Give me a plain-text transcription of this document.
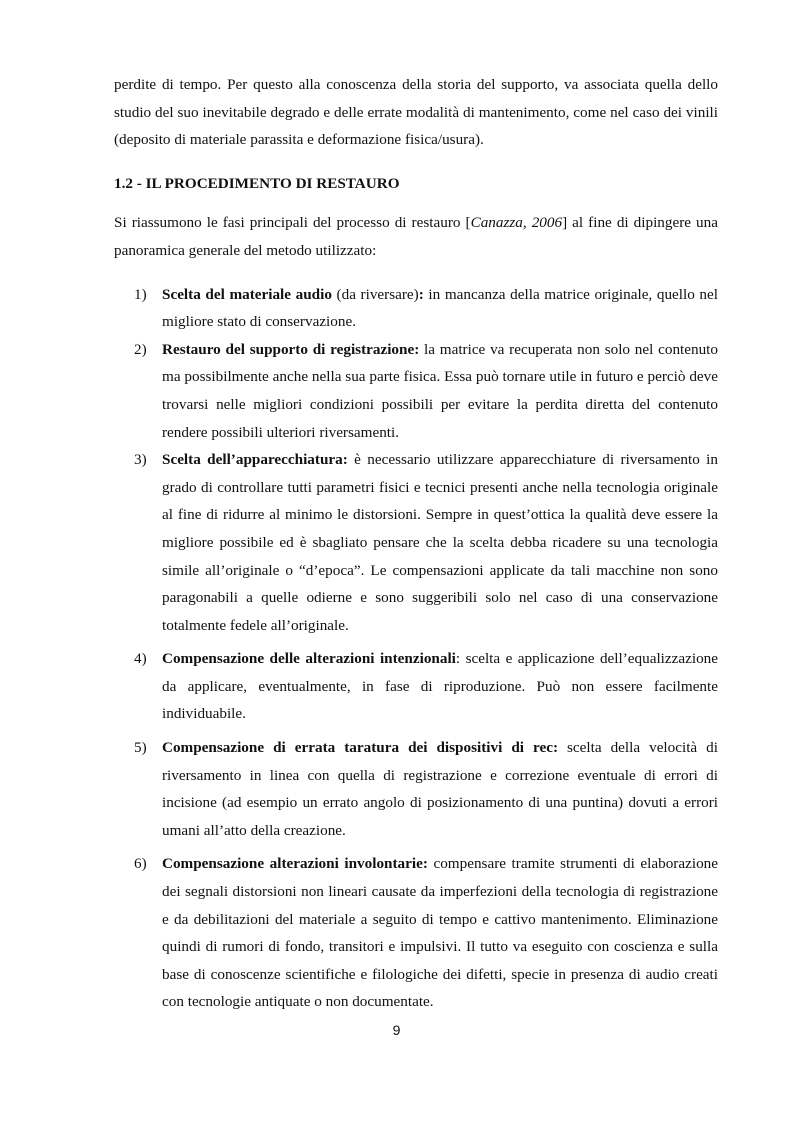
perdite di tempo. Per questo alla conoscenza della storia del supporto, va associata quella dello studio del suo inevitabile degrado e delle errate modalità di mantenimento, come nel caso dei vinili (deposito di materiale parassita e deformazione fisica/usura).

1.2 - IL PROCEDIMENTO DI RESTAURO

Si riassumono le fasi principali del processo di restauro [Canazza, 2006] al fine di dipingere una panoramica generale del metodo utilizzato:

1) Scelta del materiale audio (da riversare): in mancanza della matrice originale, quello nel migliore stato di conservazione.
2) Restauro del supporto di registrazione: la matrice va recuperata non solo nel contenuto ma possibilmente anche nella sua parte fisica. Essa può tornare utile in futuro e perciò deve trovarsi nelle migliori condizioni possibili per evitare la perdita diretta del contenuto rendere possibili ulteriori riversamenti.
3) Scelta dell’apparecchiatura: è necessario utilizzare apparecchiature di riversamento in grado di controllare tutti parametri fisici e tecnici presenti anche nella tecnologia originale al fine di ridurre al minimo le distorsioni. Sempre in quest’ottica la qualità deve essere la migliore possibile ed è sbagliato pensare che la scelta debba ricadere su una tecnologia simile all’originale o “d’epoca”. Le compensazioni applicate da tali macchine non sono paragonabili a quelle odierne e sono suggeribili solo nel caso di una conservazione totalmente fedele all’originale.
4) Compensazione delle alterazioni intenzionali: scelta e applicazione dell’equalizzazione da applicare, eventualmente, in fase di riproduzione. Può non essere facilmente individuabile.
5) Compensazione di errata taratura dei dispositivi di rec: scelta della velocità di riversamento in linea con quella di registrazione e correzione eventuale di errori di incisione (ad esempio un errato angolo di posizionamento di una puntina) dovuti a errori umani all’atto della creazione.
6) Compensazione alterazioni involontarie: compensare tramite strumenti di elaborazione dei segnali distorsioni non lineari causate da imperfezioni della tecnologia di registrazione e da debilitazioni del materiale a seguito di tempo e cattivo mantenimento. Eliminazione quindi di rumori di fondo, transitori e impulsivi. Il tutto va eseguito con coscienza e sulla base di conoscenze scientifiche e filologiche dei difetti, specie in presenza di audio creati con tecnologie antiquate o non documentate.
9
